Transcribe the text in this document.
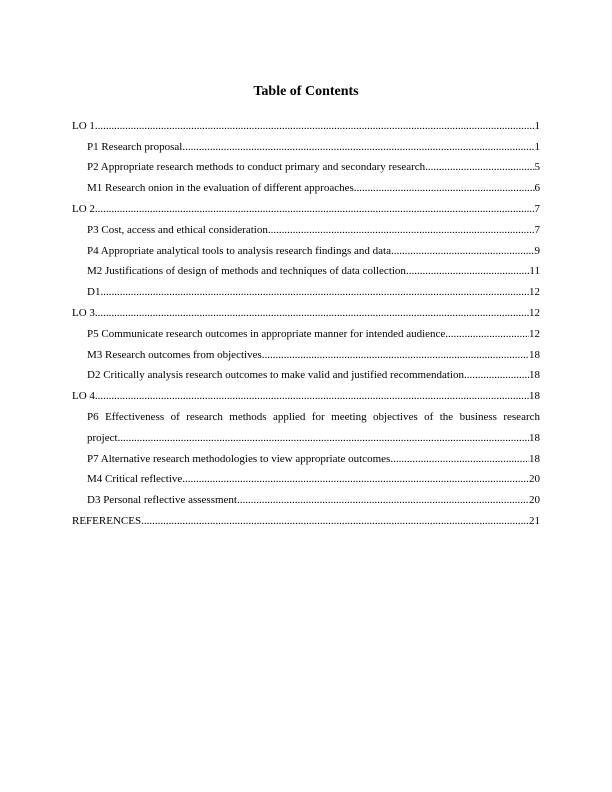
Table of Contents
LO 1 .....	1
P1 Research proposal .....	1
P2 Appropriate research methods to conduct primary and secondary research .....	5
M1 Research onion in the evaluation of different approaches .....	6
LO 2 .....	7
P3 Cost, access and ethical consideration .....	7
P4 Appropriate analytical tools to analysis research findings and data .....	9
M2 Justifications of design of methods and techniques of data collection .....	11
D1 .....	12
LO 3 .....	12
P5 Communicate research outcomes in appropriate manner for intended audience .....	12
M3 Research outcomes from objectives .....	18
D2 Critically analysis research outcomes to make valid and justified recommendation .....	18
LO 4 .....	18
P6 Effectiveness of research methods applied for meeting objectives of the business research
project .....	18
P7 Alternative research methodologies to view appropriate outcomes .....	18
M4 Critical reflective .....	20
D3 Personal reflective assessment .....	20
REFERENCES .....	21
